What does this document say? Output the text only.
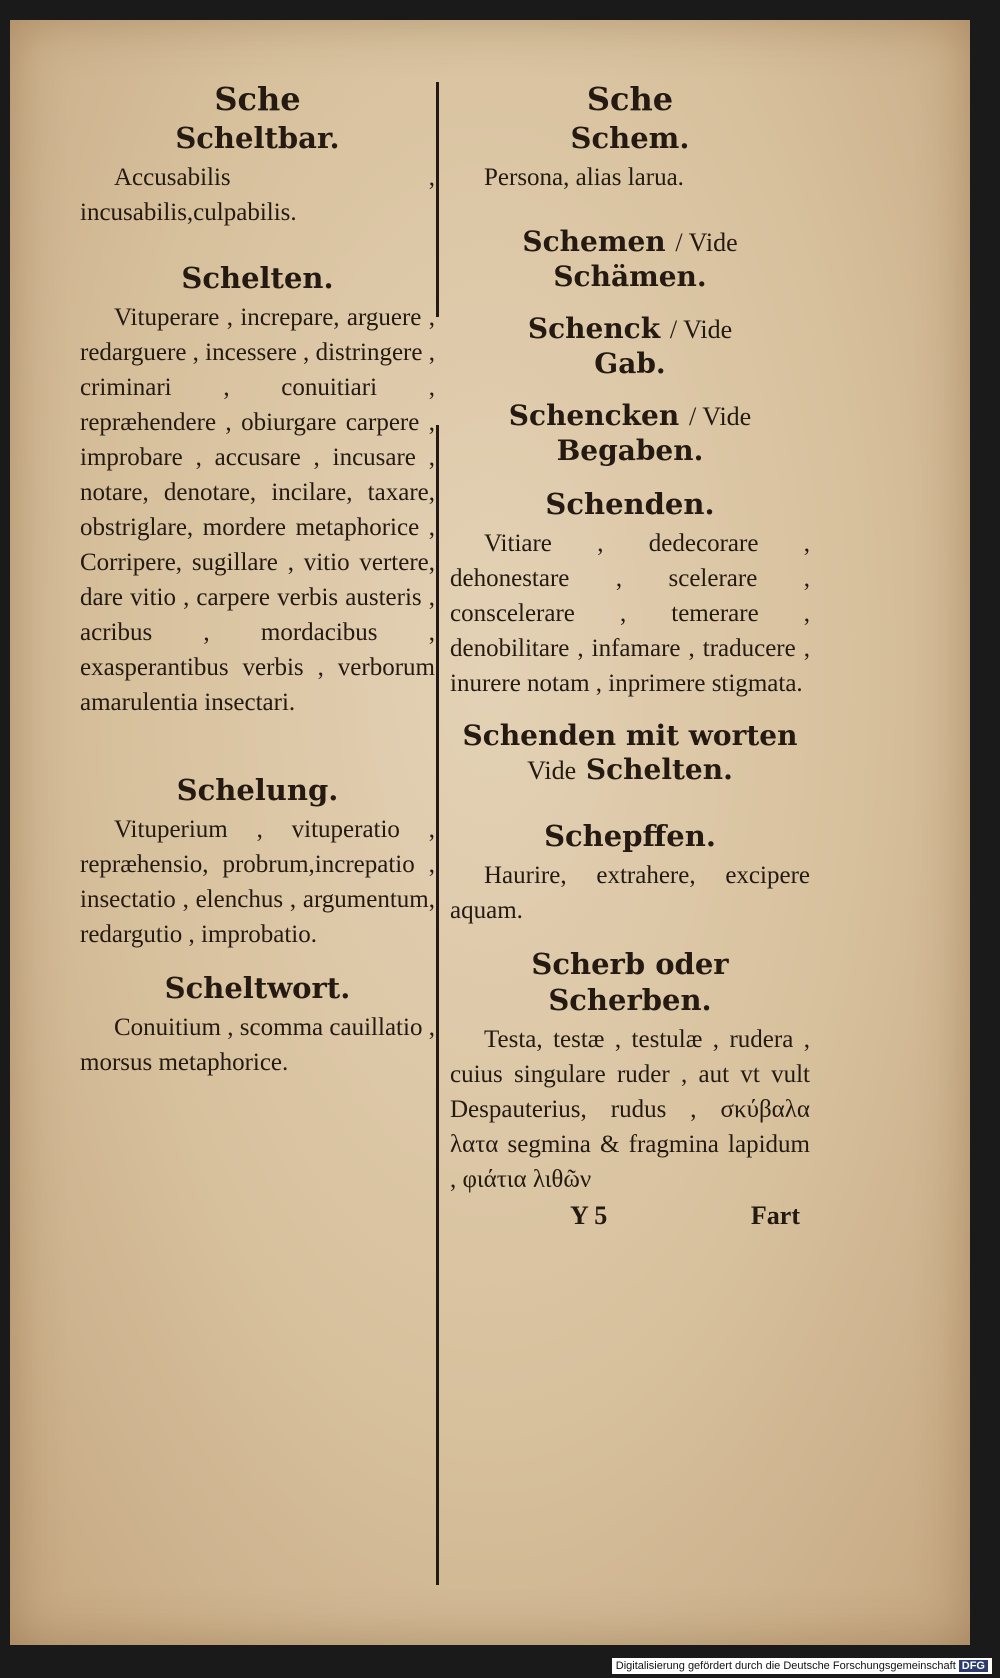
Sche
Scheltbar.

Accusabilis , incusabilis,culpabilis.

Schelten.

Vituperare , increpare, arguere , redarguere , incessere , distringere , criminari , conuitiari , repræhendere , obiurgare carpere , improbare , accusare , incusare , notare, denotare, incilare, taxare, obstriglare, mordere metaphorice , Corripere, sugillare , vitio vertere, dare vitio , carpere verbis austeris , acribus , mordacibus , exasperantibus verbis , verborum amarulentia insectari.

Schelung.

Vituperium , vituperatio , repræhensio, probrum,increpatio , insectatio , elenchus , argumentum, redargutio , improbatio.

Scheltwort.

Conuitium , scomma cauillatio , morsus metaphorice.

Sche
Schem.

Persona, alias larua.

Schemen / Vide
Schämen.
Schenck / Vide
Gab.
Schencken / Vide
Begaben.
Schenden.

Vitiare , dedecorare , dehonestare , scelerare , conscelerare , temerare , denobilitare , infamare , traducere , inurere notam , inprimere stigmata.

Schenden mit worten
Vide Schelten.
Schepffen.

Haurire, extrahere, excipere aquam.

Scherb oder Scherben.

Testa, testæ , testulæ , rudera , cuius singulare ruder , aut vt vult Despauterius, rudus , σκύβαλα λατα segmina & fragmina lapidum , φιάτια λιθῶν

Y 5	Fart
Digitalisierung gefördert durch die Deutsche Forschungsgemeinschaft DFG
